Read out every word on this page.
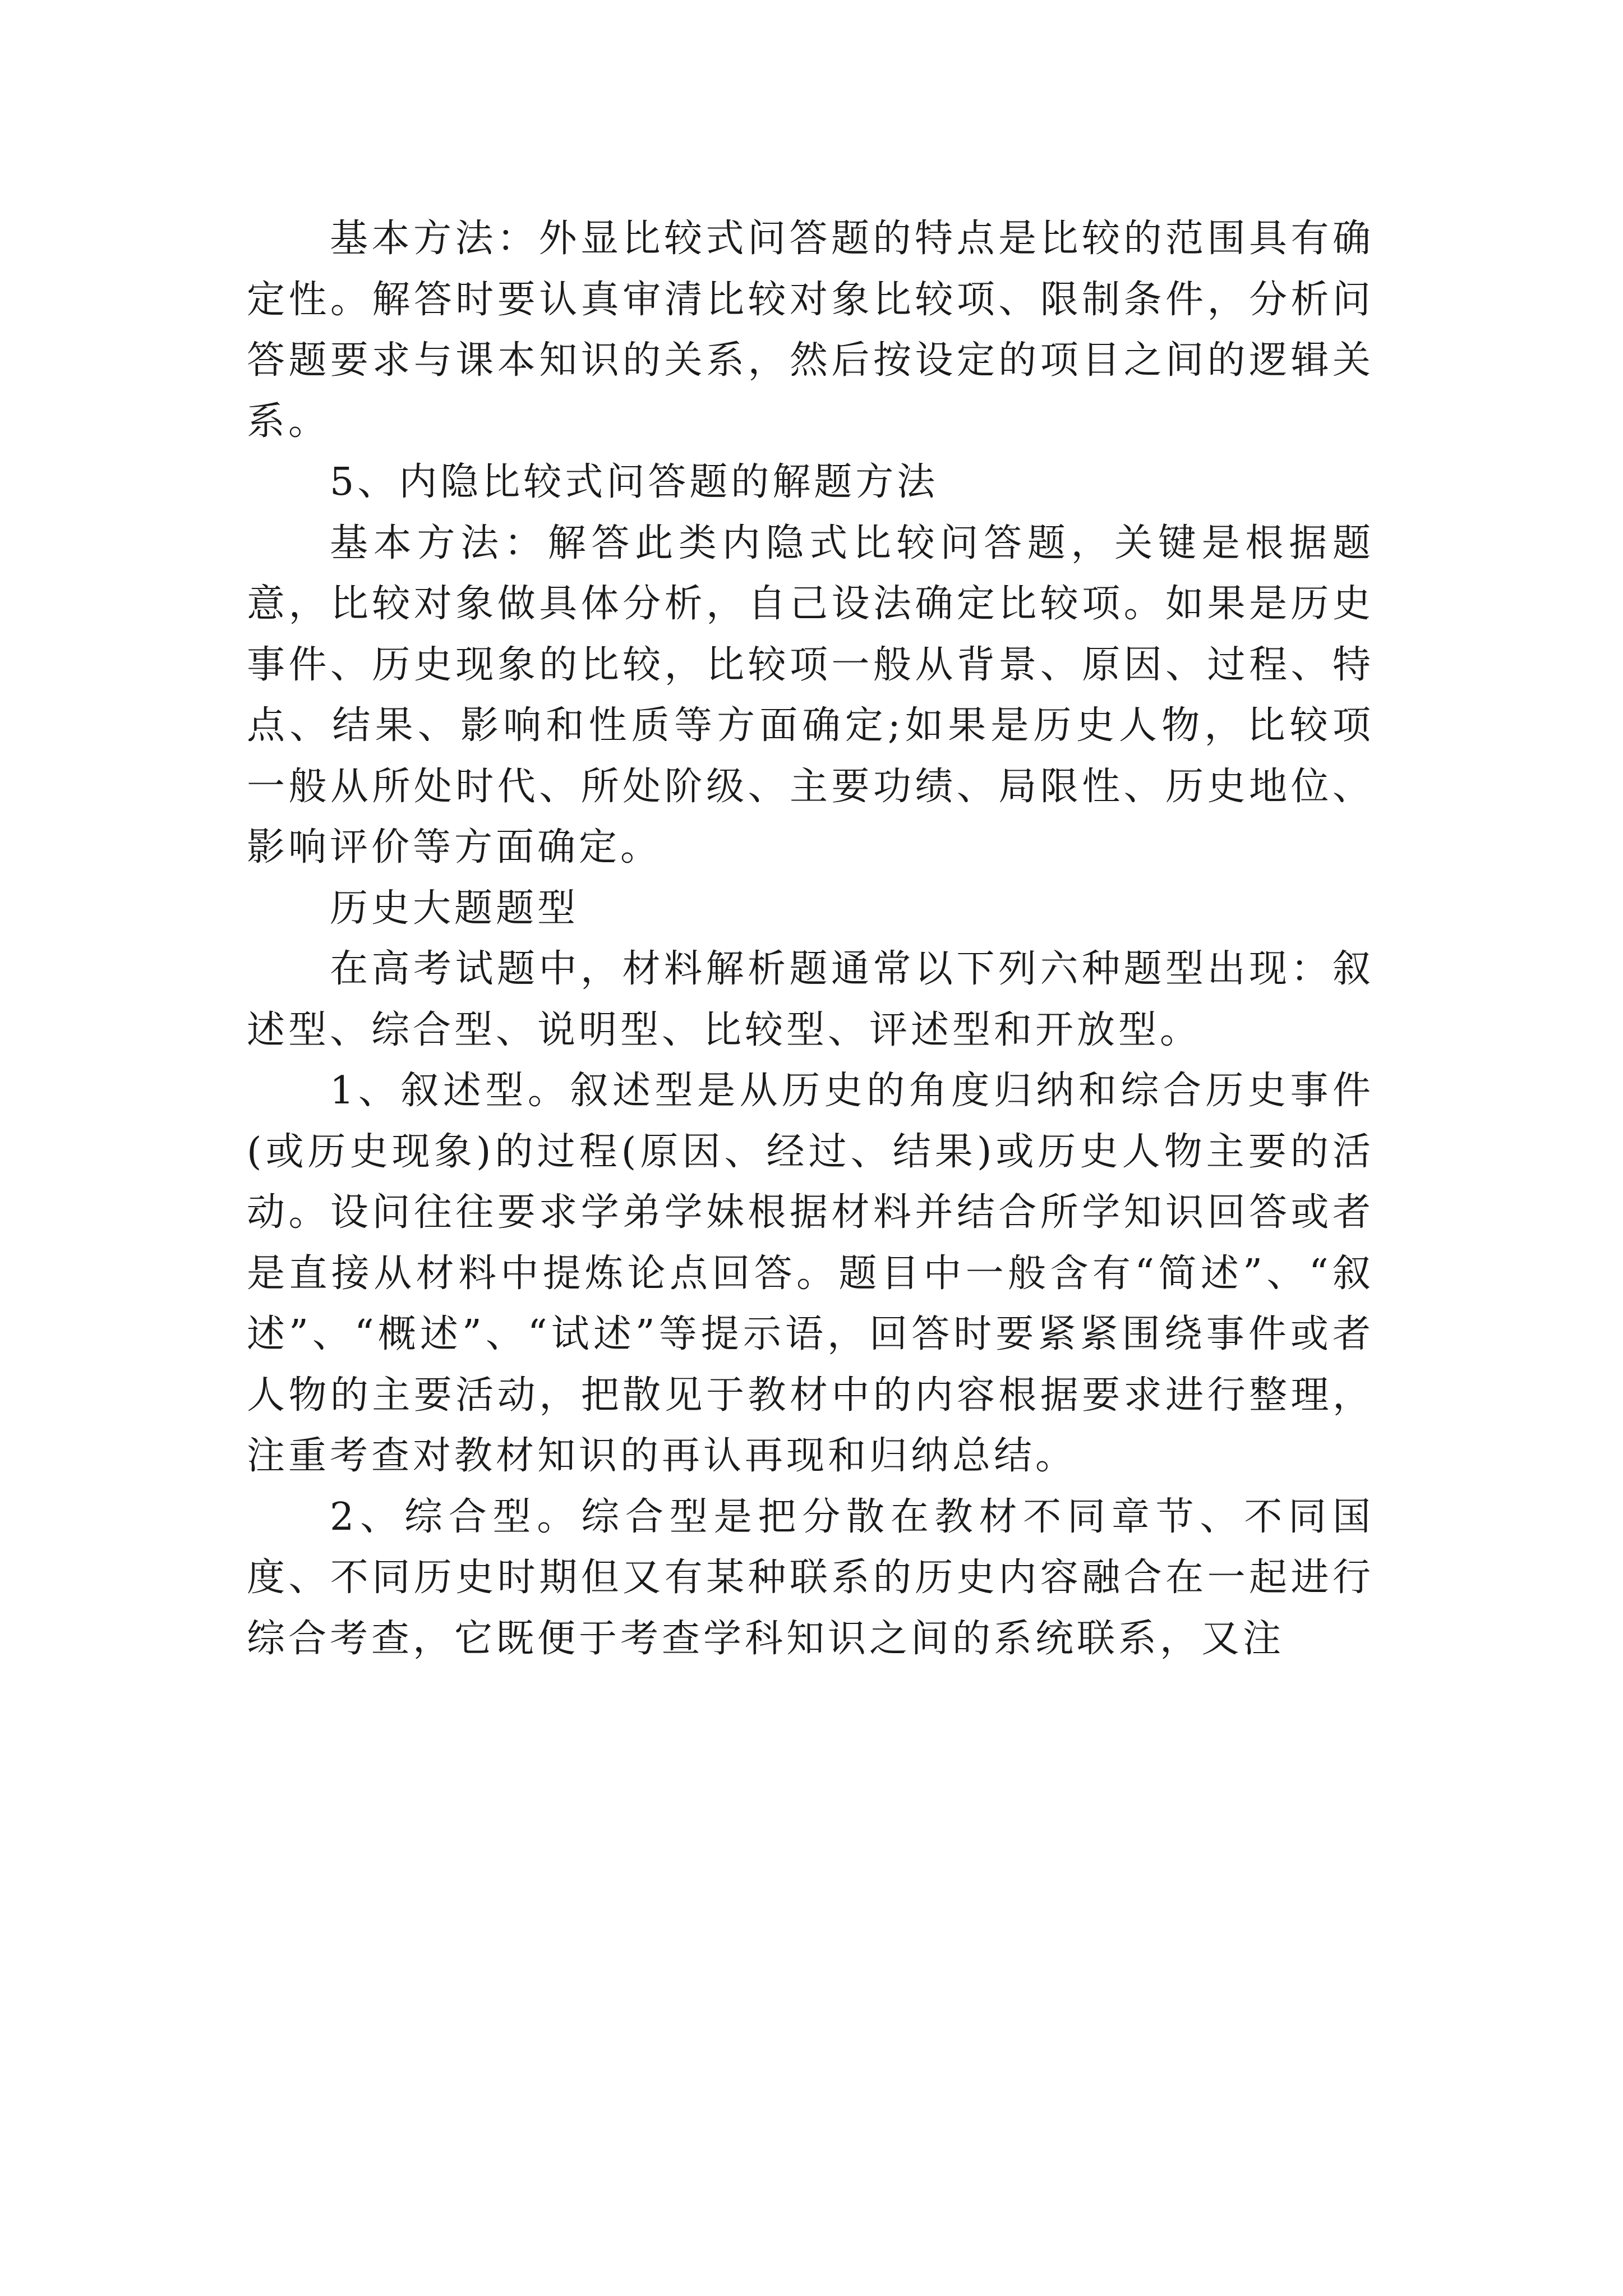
基本方法：外显比较式问答题的特点是比较的范围具有确定性。解答时要认真审清比较对象比较项、限制条件，分析问答题要求与课本知识的关系，然后按设定的项目之间的逻辑关系。

5、内隐比较式问答题的解题方法

基本方法：解答此类内隐式比较问答题，关键是根据题意，比较对象做具体分析，自己设法确定比较项。如果是历史事件、历史现象的比较，比较项一般从背景、原因、过程、特点、结果、影响和性质等方面确定;如果是历史人物，比较项一般从所处时代、所处阶级、主要功绩、局限性、历史地位、影响评价等方面确定。

历史大题题型

在高考试题中，材料解析题通常以下列六种题型出现：叙述型、综合型、说明型、比较型、评述型和开放型。

1、叙述型。叙述型是从历史的角度归纳和综合历史事件(或历史现象)的过程(原因、经过、结果)或历史人物主要的活动。设问往往要求学弟学妹根据材料并结合所学知识回答或者是直接从材料中提炼论点回答。题目中一般含有“简述”、“叙述”、“概述”、“试述”等提示语，回答时要紧紧围绕事件或者人物的主要活动，把散见于教材中的内容根据要求进行整理，注重考查对教材知识的再认再现和归纳总结。

2、综合型。综合型是把分散在教材不同章节、不同国度、不同历史时期但又有某种联系的历史内容融合在一起进行综合考查，它既便于考查学科知识之间的系统联系，又注
